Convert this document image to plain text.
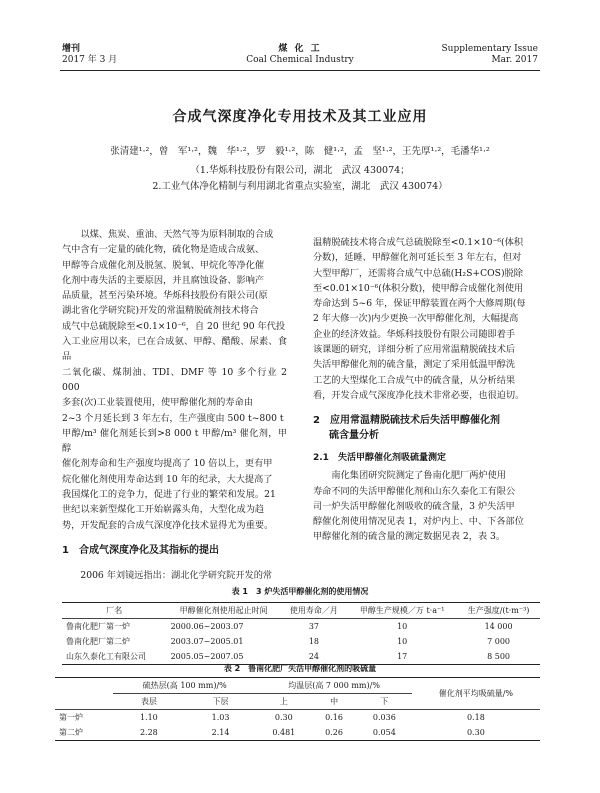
增刊
2017 年 3 月
煤 化 工
Coal Chemical Industry
Supplementary Issue
Mar. 2017
合成气深度净化专用技术及其工业应用
张清建¹·²，曾　军¹·²，魏　华¹·²，罗　毅¹·²，陈　健¹·²，孟　坚¹·²，王先厚¹·²，毛潘华¹·²
（1.华烁科技股份有限公司，湖北　武汉 430074；
2.工业气体净化精制与利用湖北省重点实验室，湖北　武汉 430074）
以煤、焦炭、重油、天然气等为原料制取的合成
气中含有一定量的硫化物，硫化物是造成合成氨、
甲醇等合成催化剂及脱氢、脱氧、甲烷化等净化催
化剂中毒失活的主要原因，并且腐蚀设备、影响产
品质量，甚至污染环境。华烁科技股份有限公司(原
湖北省化学研究院)开发的常温精脱硫剂技术将合
成气中总硫脱除至<0.1×10⁻⁶，自 20 世纪 90 年代投
入工业应用以来，已在合成氨、甲醇、醋酸、尿素、食品
二氧化碳、煤制油、TDI、DMF 等 10 多个行业 2 000
多套(次)工业装置使用，使甲醇催化剂的寿命由
2~3 个月延长到 3 年左右，生产强度由 500 t~800 t
甲醇/m³ 催化剂延长到>8 000 t 甲醇/m³ 催化剂，甲醇
催化剂寿命和生产强度均提高了 10 倍以上，更有甲
烷化催化剂使用寿命达到 10 年的纪录，大大提高了
我国煤化工的竞争力，促进了行业的繁荣和发展。21
世纪以来新型煤化工开始崭露头角，大型化成为趋
势，开发配套的合成气深度净化技术显得尤为重要。
1　合成气深度净化及其指标的提出
2006 年刘镜远指出：湖北化学研究院开发的常
温精脱硫技术将合成气总硫脱除至<0.1×10⁻⁶(体积
分数)，延睡、甲醇催化剂可延长至 3 年左右，但对
大型甲醇厂，还需将合成气中总硫(H₂S+COS)脱除
至<0.01×10⁻⁶(体积分数)，使甲醇合成催化剂使用
寿命达到 5~6 年，保证甲醇装置在两个大修周期(每
2 年大修一次)内少更换一次甲醇催化剂，大幅提高
企业的经济效益。华烁科技股份有限公司随即着手
该课题的研究，详细分析了应用常温精脱硫技术后
失活甲醇催化剂的硫含量，测定了采用低温甲醇洗
工艺的大型煤化工合成气中的硫含量，从分析结果
看，开发合成气深度净化技术非常必要，也很迫切。
2　应用常温精脱硫技术后失活甲醇催化剂
硫含量分析
2.1　失活甲醇催化剂吸硫量测定
南化集团研究院测定了鲁南化肥厂两炉使用
寿命不同的失活甲醇催化剂和山东久泰化工有限公
司一炉失活甲醇催化剂吸收的硫含量，3 炉失活甲
醇催化剂使用情况见表 1，对炉内上、中、下各部位
甲醇催化剂的硫含量的测定数据见表 2，表 3。
表 1　3 炉失活甲醇催化剂的使用情况
厂名	甲醇催化剂使用起止时间	使用寿命／月	甲醇生产规模／万 t·a⁻¹	生产强度/(t·m⁻³)
鲁南化肥厂第一炉	2000.06~2003.07	37	10	14 000
鲁南化肥厂第二炉	2003.07~2005.01	18	10	7 000
山东久泰化工有限公司	2005.05~2007.05	24	17	8 500
表 2　鲁南化肥厂失活甲醇催化剂的吸硫量
	硫热层(高 100 mm)/%		均温层(高 7 000 mm)/%			催化剂平均吸硫量/%
	表层	下层	上	中	下	
第一炉	1.10	1.03	0.30	0.16	0.036	0.18
第二炉	2.28	2.14	0.481	0.26	0.054	0.30
